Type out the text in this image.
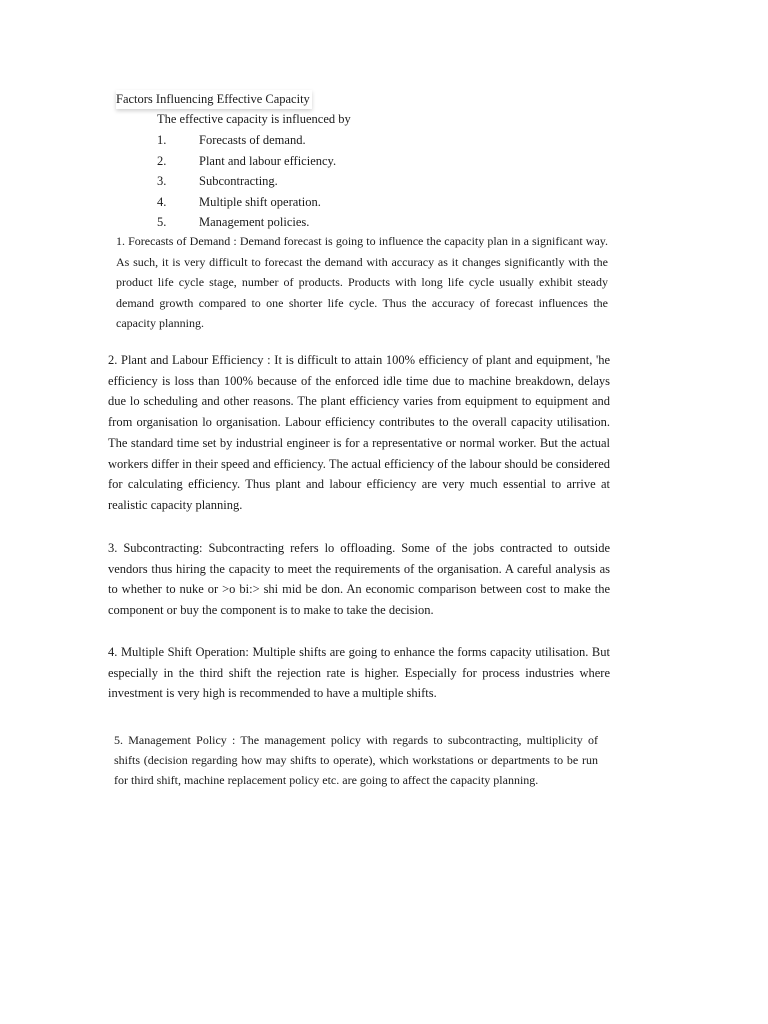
Factors Influencing Effective Capacity
The effective capacity is influenced by
1.	Forecasts of demand.
2.	Plant and labour efficiency.
3.	Subcontracting.
4.	Multiple shift operation.
5.	Management policies.

1. Forecasts of Demand : Demand forecast is going to influence the capacity plan in a significant way. As such, it is very difficult to forecast the demand with accuracy as it changes significantly with the product life cycle stage, number of products. Products with long life cycle usually exhibit steady demand growth compared to one shorter life cycle. Thus the accuracy of forecast influences the capacity planning.

2. Plant and Labour Efficiency : It is difficult to attain 100% efficiency of plant and equipment, 'he efficiency is loss than 100% because of the enforced idle time due to machine breakdown, delays due lo scheduling and other reasons. The plant efficiency varies from equipment to equipment and from organisation lo organisation. Labour efficiency contributes to the overall capacity utilisation. The standard time set by industrial engineer is for a representative or normal worker. But the actual workers differ in their speed and efficiency. The actual efficiency of the labour should be considered for calculating efficiency. Thus plant and labour efficiency are very much essential to arrive at realistic capacity planning.

3. Subcontracting: Subcontracting refers lo offloading. Some of the jobs contracted to outside vendors thus hiring the capacity to meet the requirements of the organisation. A careful analysis as to whether to nuke or >o bi:> shi mid be don. An economic comparison between cost to make the component or buy the component is to make to take the decision.

4. Multiple Shift Operation: Multiple shifts are going to enhance the forms capacity utilisation. But especially in the third shift the rejection rate is higher. Especially for process industries where investment is very high is recommended to have a multiple shifts.

5. Management Policy : The management policy with regards to subcontracting, multiplicity of shifts (decision regarding how may shifts to operate), which workstations or departments to be run for third shift, machine replacement policy etc. are going to affect the capacity planning.
